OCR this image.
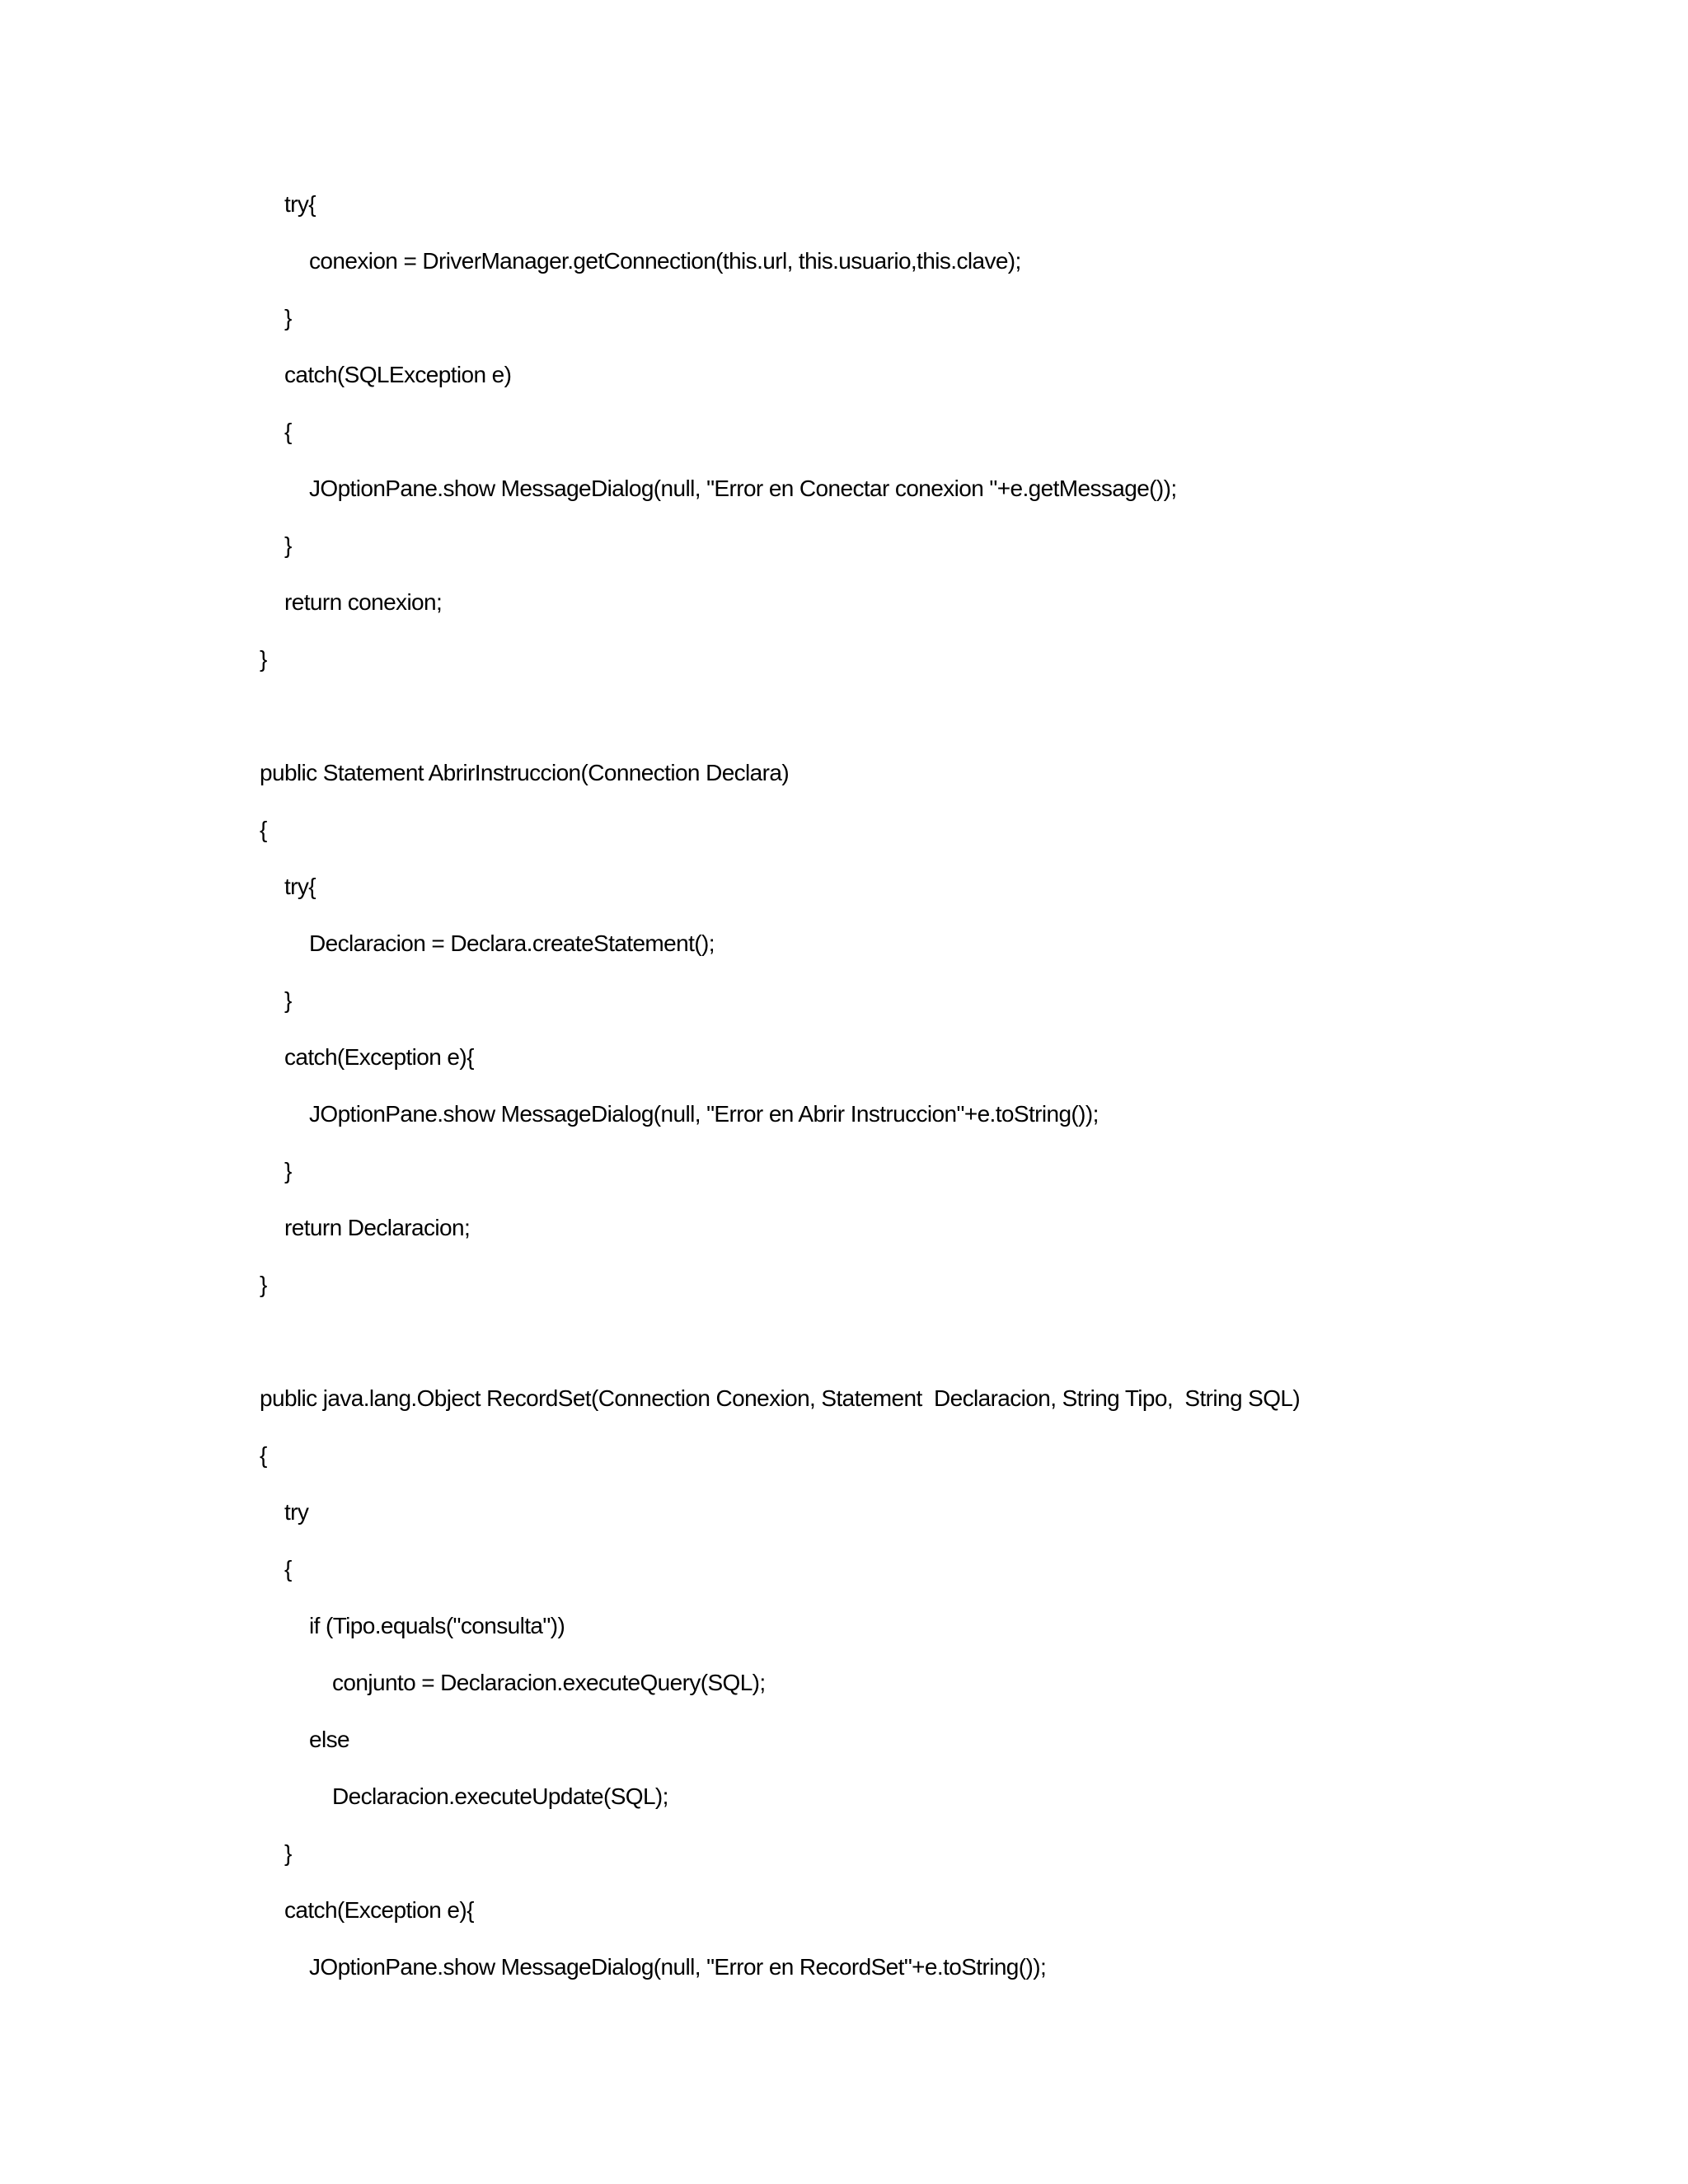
try{
conexion = DriverManager.getConnection(this.url, this.usuario,this.clave);
}
catch(SQLException e)
{
JOptionPane.show MessageDialog(null, "Error en Conectar conexion "+e.getMessage());
}
return conexion;
}
public Statement AbrirInstruccion(Connection Declara)
{
try{
Declaracion = Declara.createStatement();
}
catch(Exception e){
JOptionPane.show MessageDialog(null, "Error en Abrir Instruccion"+e.toString());
}
return Declaracion;
}
public java.lang.Object RecordSet(Connection Conexion, Statement  Declaracion, String Tipo,  String SQL)
{
try
{
if (Tipo.equals("consulta"))
conjunto = Declaracion.executeQuery(SQL);
else
Declaracion.executeUpdate(SQL);
}
catch(Exception e){
JOptionPane.show MessageDialog(null, "Error en RecordSet"+e.toString());
